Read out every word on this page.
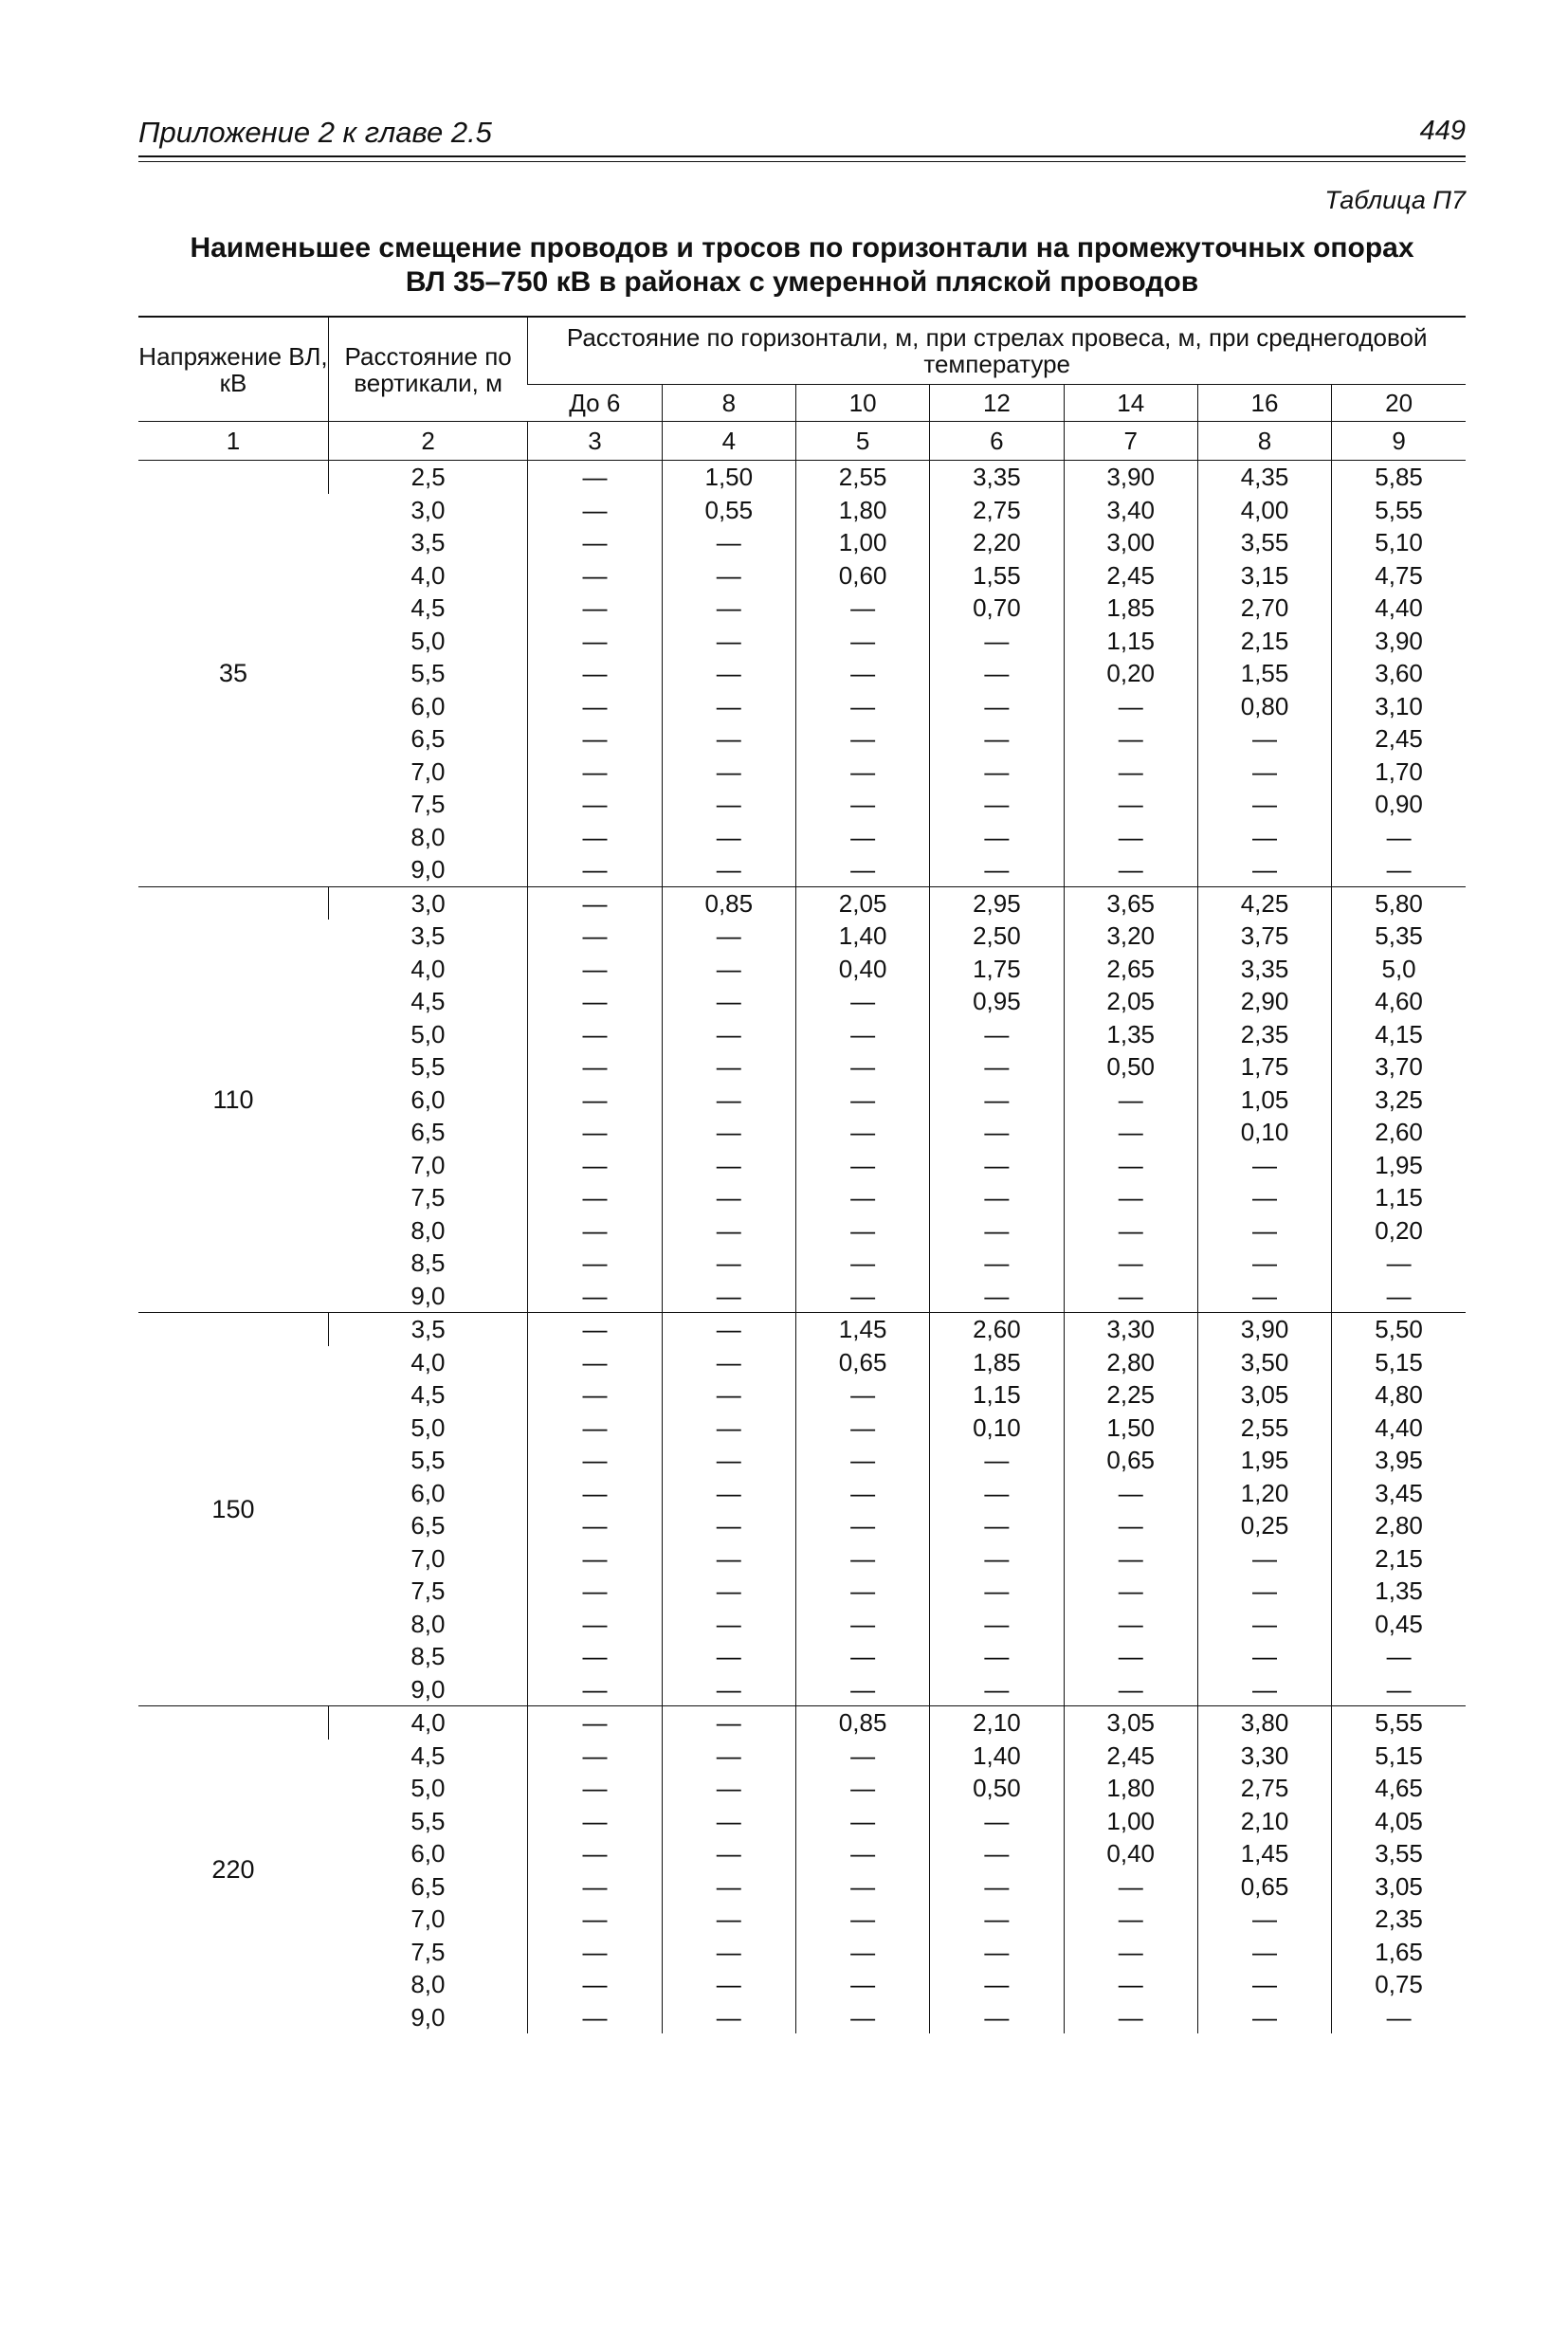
Приложение 2 к главе 2.5	449
Таблица П7
Наименьшее смещение проводов и тросов по горизонтали на промежуточных опорах
ВЛ 35–750 кВ в районах с умеренной пляской проводов
Напряжение ВЛ, кВ	Расстояние по вертикали, м	Расстояние по горизонтали, м, при стрелах провеса, м, при среднегодовой температуре						
		До 6	8	10	12	14	16	20
1	2	3	4	5	6	7	8	9
35	2,5	—	1,50	2,55	3,35	3,90	4,35	5,85
	3,0	—	0,55	1,80	2,75	3,40	4,00	5,55
	3,5	—	—	1,00	2,20	3,00	3,55	5,10
	4,0	—	—	0,60	1,55	2,45	3,15	4,75
	4,5	—	—	—	0,70	1,85	2,70	4,40
	5,0	—	—	—	—	1,15	2,15	3,90
	5,5	—	—	—	—	0,20	1,55	3,60
	6,0	—	—	—	—	—	0,80	3,10
	6,5	—	—	—	—	—	—	2,45
	7,0	—	—	—	—	—	—	1,70
	7,5	—	—	—	—	—	—	0,90
	8,0	—	—	—	—	—	—	—
	9,0	—	—	—	—	—	—	—
110	3,0	—	0,85	2,05	2,95	3,65	4,25	5,80
	3,5	—	—	1,40	2,50	3,20	3,75	5,35
	4,0	—	—	0,40	1,75	2,65	3,35	5,0
	4,5	—	—	—	0,95	2,05	2,90	4,60
	5,0	—	—	—	—	1,35	2,35	4,15
	5,5	—	—	—	—	0,50	1,75	3,70
	6,0	—	—	—	—	—	1,05	3,25
	6,5	—	—	—	—	—	0,10	2,60
	7,0	—	—	—	—	—	—	1,95
	7,5	—	—	—	—	—	—	1,15
	8,0	—	—	—	—	—	—	0,20
	8,5	—	—	—	—	—	—	—
	9,0	—	—	—	—	—	—	—
150	3,5	—	—	1,45	2,60	3,30	3,90	5,50
	4,0	—	—	0,65	1,85	2,80	3,50	5,15
	4,5	—	—	—	1,15	2,25	3,05	4,80
	5,0	—	—	—	0,10	1,50	2,55	4,40
	5,5	—	—	—	—	0,65	1,95	3,95
	6,0	—	—	—	—	—	1,20	3,45
	6,5	—	—	—	—	—	0,25	2,80
	7,0	—	—	—	—	—	—	2,15
	7,5	—	—	—	—	—	—	1,35
	8,0	—	—	—	—	—	—	0,45
	8,5	—	—	—	—	—	—	—
	9,0	—	—	—	—	—	—	—
220	4,0	—	—	0,85	2,10	3,05	3,80	5,55
	4,5	—	—	—	1,40	2,45	3,30	5,15
	5,0	—	—	—	0,50	1,80	2,75	4,65
	5,5	—	—	—	—	1,00	2,10	4,05
	6,0	—	—	—	—	0,40	1,45	3,55
	6,5	—	—	—	—	—	0,65	3,05
	7,0	—	—	—	—	—	—	2,35
	7,5	—	—	—	—	—	—	1,65
	8,0	—	—	—	—	—	—	0,75
	9,0	—	—	—	—	—	—	—
